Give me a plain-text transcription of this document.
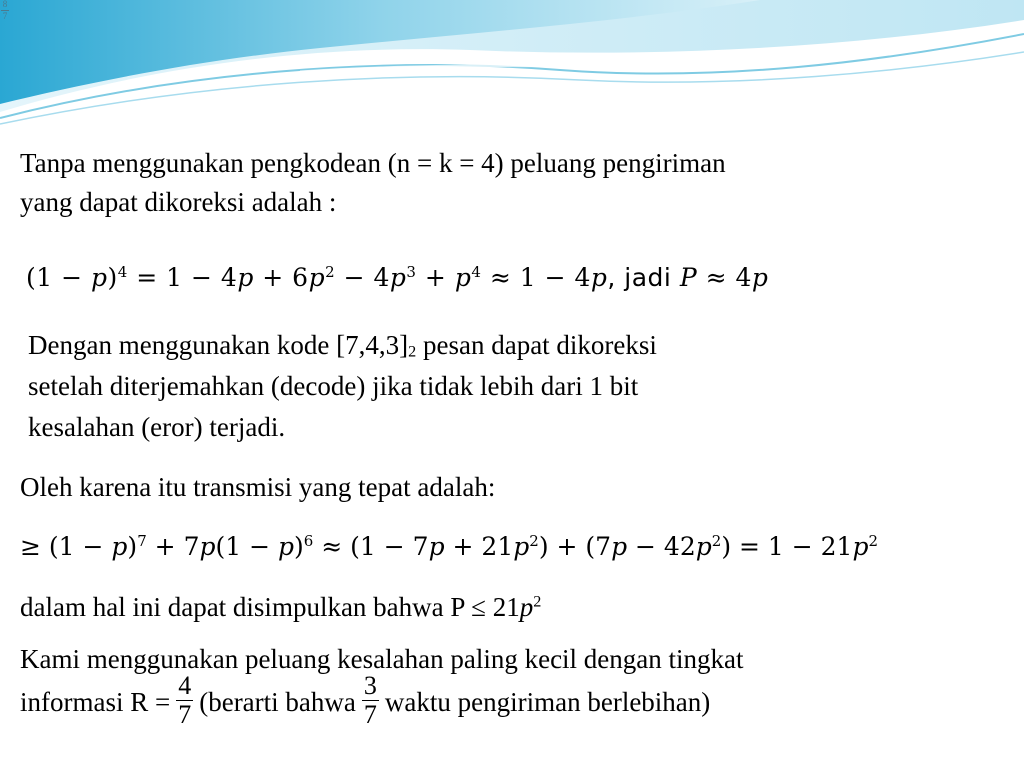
8
7
Tanpa menggunakan pengkodean (n = k = 4) peluang pengiriman
yang dapat dikoreksi adalah :
$(1 - p)^4 = 1 - 4p + 6p^2 - 4p^3 + p^4 \approx 1 - 4p$, jadi P ≈ 4p
Dengan menggunakan kode $[7,4,3]_2$ pesan dapat dikoreksi
setelah diterjemahkan (decode) jika tidak lebih dari 1 bit
kesalahan (eror) terjadi.
Oleh karena itu transmisi yang tepat adalah:
≥ $(1 - p)^7 + 7p(1 - p)^6 \approx (1 - 7p + 21p^2) + (7p - 42p^2) = 1 - 21p^2$
dalam hal ini dapat disimpulkan bahwa $P \le 21p^2$
Kami menggunakan peluang kesalahan paling kecil dengan tingkat
informasi $R = \frac{4}{7}$ (berarti bahwa $\frac{3}{7}$ waktu pengiriman berlebihan)
